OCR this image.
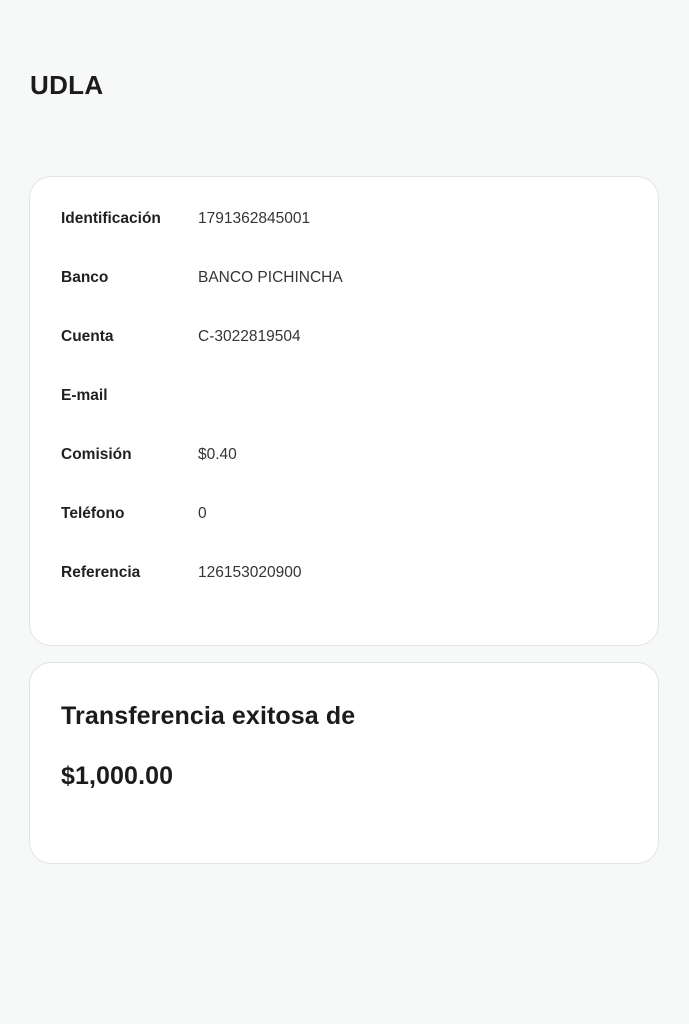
UDLA
Identificación	1791362845001
Banco	BANCO PICHINCHA
Cuenta	C-3022819504
E-mail
Comisión	$0.40
Teléfono	0
Referencia	126153020900
Transferencia exitosa de
$1,000.00
